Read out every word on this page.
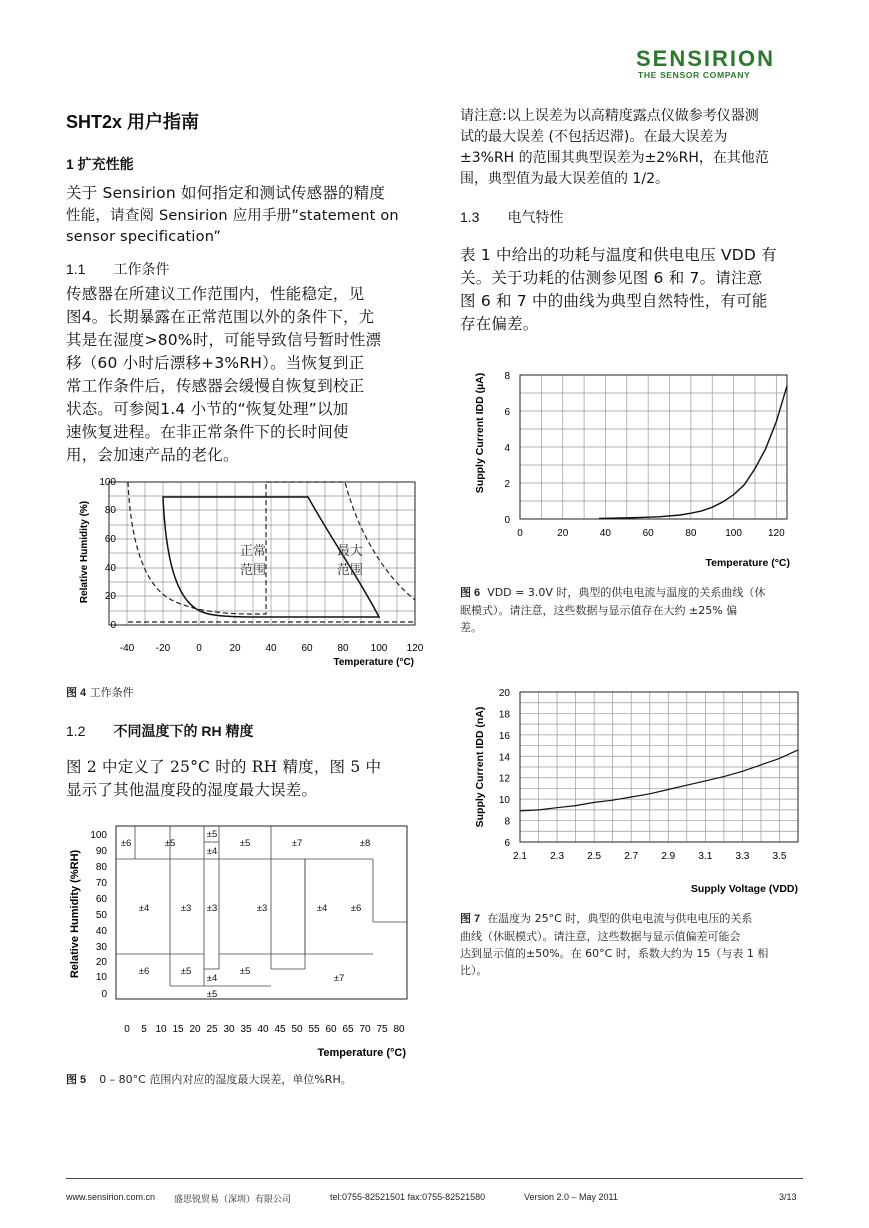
SENSIRION
THE SENSOR COMPANY
SHT2x 用户指南
1 扩充性能
关于 Sensirion 如何指定和测试传感器的精度
性能，请查阅 Sensirion 应用手册”statement on
sensor specification”
1.1 工作条件
传感器在所建议工作范围内，性能稳定，见
图4。长期暴露在正常范围以外的条件下，尤
其是在湿度>80%时，可能导致信号暂时性漂
移（60 小时后漂移+3%RH）。当恢复到正
常工作条件后，传感器会缓慢自恢复到校正
状态。可参阅1.4 小节的“恢复处理”以加
速恢复进程。在非正常条件下的长时间使
用，会加速产品的老化。
正常
范围
最大
范围
100
80
60
40
20
0
-40 -20	0	20 40 60 80 100 120
Temperature (°C)
Relative Humidity (%)
图 4 工作条件
1.2 不同温度下的 RH 精度
图 2 中定义了 25°C 时的 RH 精度，图 5 中
显示了其他温度段的湿度最大误差。
±6	±5
±5
±4
±5	±7	±8
±4	±3 ±3	±3	±4 ±6
±6	±5
±4
±5
±5
±7
100
90
80
70
60
50
40
30
20
10
0
0 5 10 15 20 25 30 35 40 45 50 55 60 65 70 75 80
Temperature (°C)
Relative Humidity (%RH)
图 5 0 – 80°C 范围内对应的湿度最大误差，单位%RH。
请注意:以上误差为以高精度露点仪做参考仪器测
试的最大误差 (不包括迟滞)。在最大误差为
±3%RH 的范围其典型误差为±2%RH，在其他范
围，典型值为最大误差值的 1/2。
1.3 电气特性
表 1 中给出的功耗与温度和供电电压 VDD 有
关。关于功耗的估测参见图 6 和 7。请注意
图 6 和 7 中的曲线为典型自然特性，有可能
存在偏差。
0	20	40	60	80	100	120
0
2
4
6
8
Temperature (°C)
Supply Current IDD (µA)
图 6 VDD = 3.0V 时，典型的供电电流与温度的关系曲线（休
眠模式）。请注意，这些数据与显示值存在大约 ±25% 偏
差。
2.1 2.3 2.5 2.7 2.9 3.1 3.3 3.5
6
8
10
12
14
16
18
20
Supply Voltage (VDD)
Supply Current IDD (nA)
图 7 在温度为 25°C 时，典型的供电电流与供电电压的关系
曲线（休眠模式）。请注意，这些数据与显示值偏差可能会
达到显示值的±50%。在 60°C 时，系数大约为 15（与表 1 相
比）。
www.sensirion.com.cn 盛思锐贸易（深圳）有限公司	tel:0755-82521501 fax:0755-82521580	Version 2.0 – May 2011	3/13
